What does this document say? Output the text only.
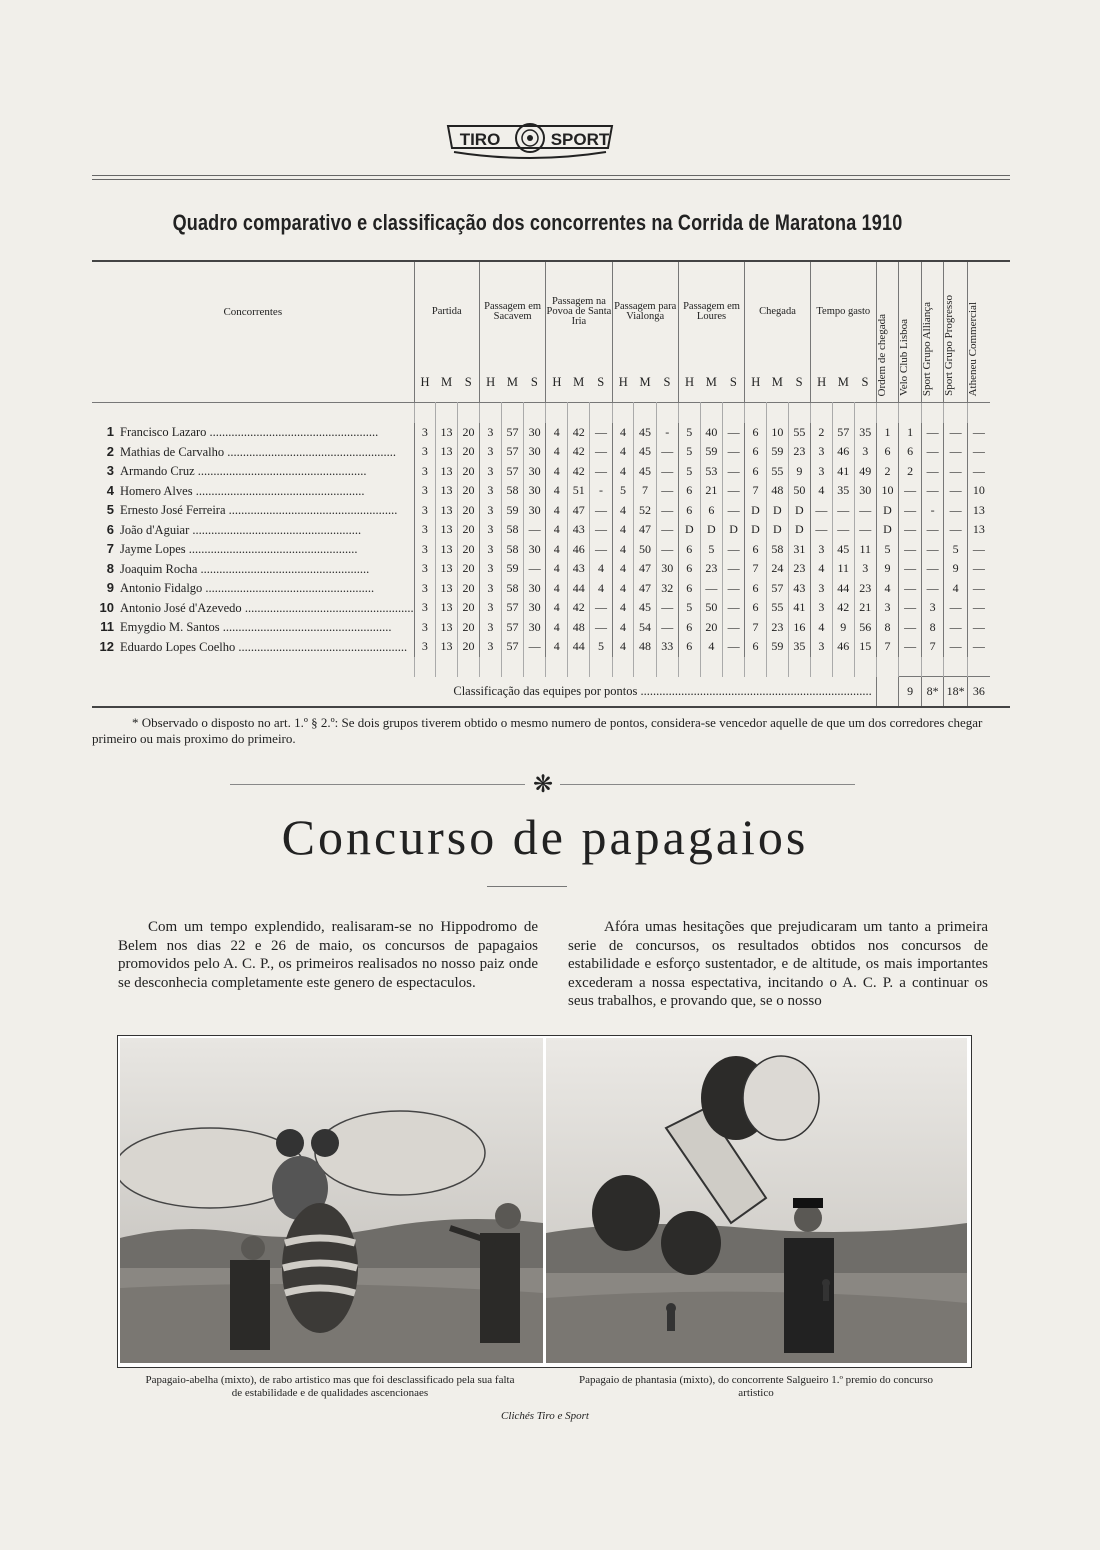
TIRO	SPORT
Quadro comparativo e classificação dos concorrentes na Corrida de Maratona 1910
Concorrentes	Partida			Passagem em Sacavem			Passagem na Povoa de Santa Iria			Passagem para Vialonga			Passagem em Loures			Chegada			Tempo gasto			Ordem de chegada	Velo Club Lisboa	Sport Grupo Alliança	Sport Grupo Progresso	Atheneu Commercial

	H	M	S	H	M	S	H	M	S	H	M	S	H	M	S	H	M	S	H	M	S					

1 Francisco Lazaro ......................................................	3	13	20	3	57	30	4	42	—	4	45	-	5	40	—	6	10	55	2	57	35	1	1	—	—	—
2 Mathias de Carvalho ......................................................	3	13	20	3	57	30	4	42	—	4	45	—	5	59	—	6	59	23	3	46	3	6	6	—	—	—
3 Armando Cruz ......................................................	3	13	20	3	57	30	4	42	—	4	45	—	5	53	—	6	55	9	3	41	49	2	2	—	—	—
4 Homero Alves ......................................................	3	13	20	3	58	30	4	51	-	5	7	—	6	21	—	7	48	50	4	35	30	10	—	—	—	10
5 Ernesto José Ferreira ......................................................	3	13	20	3	59	30	4	47	—	4	52	—	6	6	—	D	D	D	—	—	—	D	—	-	—	13
6 João d'Aguiar ......................................................	3	13	20	3	58	—	4	43	—	4	47	—	D	D	D	D	D	D	—	—	—	D	—	—	—	13
7 Jayme Lopes ......................................................	3	13	20	3	58	30	4	46	—	4	50	—	6	5	—	6	58	31	3	45	11	5	—	—	5	—
8 Joaquim Rocha ......................................................	3	13	20	3	59	—	4	43	4	4	47	30	6	23	—	7	24	23	4	11	3	9	—	—	9	—
9 Antonio Fidalgo ......................................................	3	13	20	3	58	30	4	44	4	4	47	32	6	—	—	6	57	43	3	44	23	4	—	—	4	—
10 Antonio José d'Azevedo ......................................................	3	13	20	3	57	30	4	42	—	4	45	—	5	50	—	6	55	41	3	42	21	3	—	3	—	—
11 Emygdio M. Santos ......................................................	3	13	20	3	57	30	4	48	—	4	54	—	6	20	—	7	23	16	4	9	56	8	—	8	—	—
12 Eduardo Lopes Coelho ......................................................	3	13	20	3	57	—	4	44	5	4	48	33	6	4	—	6	59	35	3	46	15	7	—	7	—	—

Classificação das equipes por pontos ..........................................................................																							9	8*	18*	36
* Observado o disposto no art. 1.º § 2.º: Se dois grupos tiverem obtido o mesmo numero de pontos, considera-se vencedor aquelle de que um dos corredores chegar primeiro ou mais proximo do primeiro.
❋
Concurso de papagaios
Com um tempo explendido, realisaram-se no Hippodromo de Belem nos dias 22 e 26 de maio, os concursos de papagaios promovidos pelo A. C. P., os primeiros realisados no nosso paiz onde se desconhecia completamente este genero de espectaculos.
Afóra umas hesitações que prejudicaram um tanto a primeira serie de concursos, os resultados obtidos nos concursos de estabilidade e esforço sustentador, e de altitude, os mais importantes excederam a nossa espectativa, incitando o A. C. P. a continuar os seus trabalhos, e provando que, se o nosso
Papagaio-abelha (mixto), de rabo artistico mas que foi desclassificado pela sua falta de estabilidade e de qualidades ascencionaes
Papagaio de phantasia (mixto), do concorrente Salgueiro 1.º premio do concurso artistico
Clichés Tiro e Sport
